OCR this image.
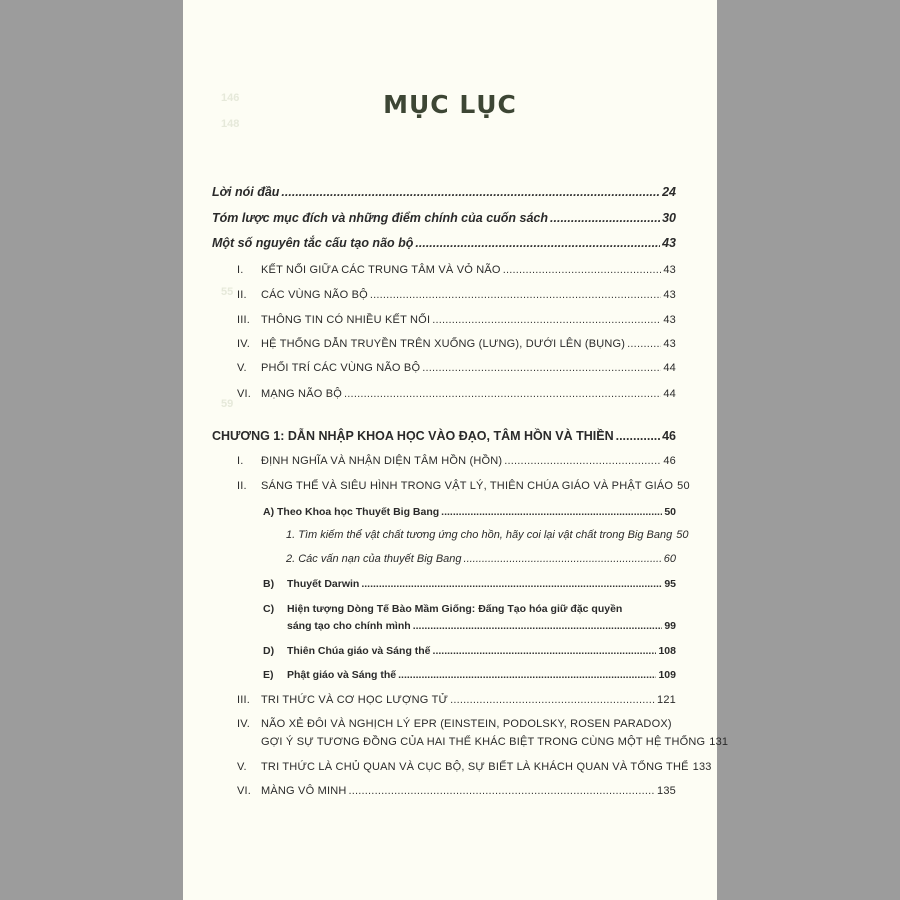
146
148
55
59
MỤC LỤC
Lời nói đầu .....	24
Tóm lược mục đích và những điểm chính của cuốn sách .....	30
Một số nguyên tắc cấu tạo não bộ .....	43
I.	KẾT NỐI GIỮA CÁC TRUNG TÂM VÀ VỎ NÃO .....	43
II.	CÁC VÙNG NÃO BỘ .....	43
III. THÔNG TIN CÓ NHIỀU KẾT NỐI .....	43
IV. HỆ THỐNG DẪN TRUYỀN TRÊN XUỐNG (LƯNG), DƯỚI LÊN (BỤNG) .....	43
V.	PHỐI TRÍ CÁC VÙNG NÃO BỘ .....	44
VI. MẠNG NÃO BỘ .....	44
CHƯƠNG 1: DẪN NHẬP KHOA HỌC VÀO ĐẠO, TÂM HỒN VÀ THIỀN .....	46
I.	ĐỊNH NGHĨA VÀ NHẬN DIỆN TÂM HỒN (HỒN) .....	46
II.	SÁNG THẾ VÀ SIÊU HÌNH TRONG VẬT LÝ, THIÊN CHÚA GIÁO VÀ PHẬT GIÁO 50
A) Theo Khoa học Thuyết Big Bang .....	50
1. Tìm kiếm thể vật chất tương ứng cho hồn, hãy coi lại vật chất trong Big Bang 50
2. Các vấn nạn của thuyết Big Bang .....	60
B)	Thuyết Darwin .....	95
C)	Hiện tượng Dòng Tế Bào Mầm Giống: Đấng Tạo hóa giữ đặc quyền
sáng tạo cho chính mình .....	99
D)	Thiên Chúa giáo và Sáng thế .....	108
E)	Phật giáo và Sáng thế .....	109
III. TRI THỨC VÀ CƠ HỌC LƯỢNG TỬ .....	121
IV. NÃO XẺ ĐÔI VÀ NGHỊCH LÝ EPR (EINSTEIN, PODOLSKY, ROSEN PARADOX)
GỢI Ý SỰ TƯƠNG ĐỒNG CỦA HAI THỂ KHÁC BIỆT TRONG CÙNG MỘT HỆ THỐNG 131
V.	TRI THỨC LÀ CHỦ QUAN VÀ CỤC BỘ, SỰ BIẾT LÀ KHÁCH QUAN VÀ TỔNG THỂ 133
VI. MÀNG VÔ MINH .....	135
